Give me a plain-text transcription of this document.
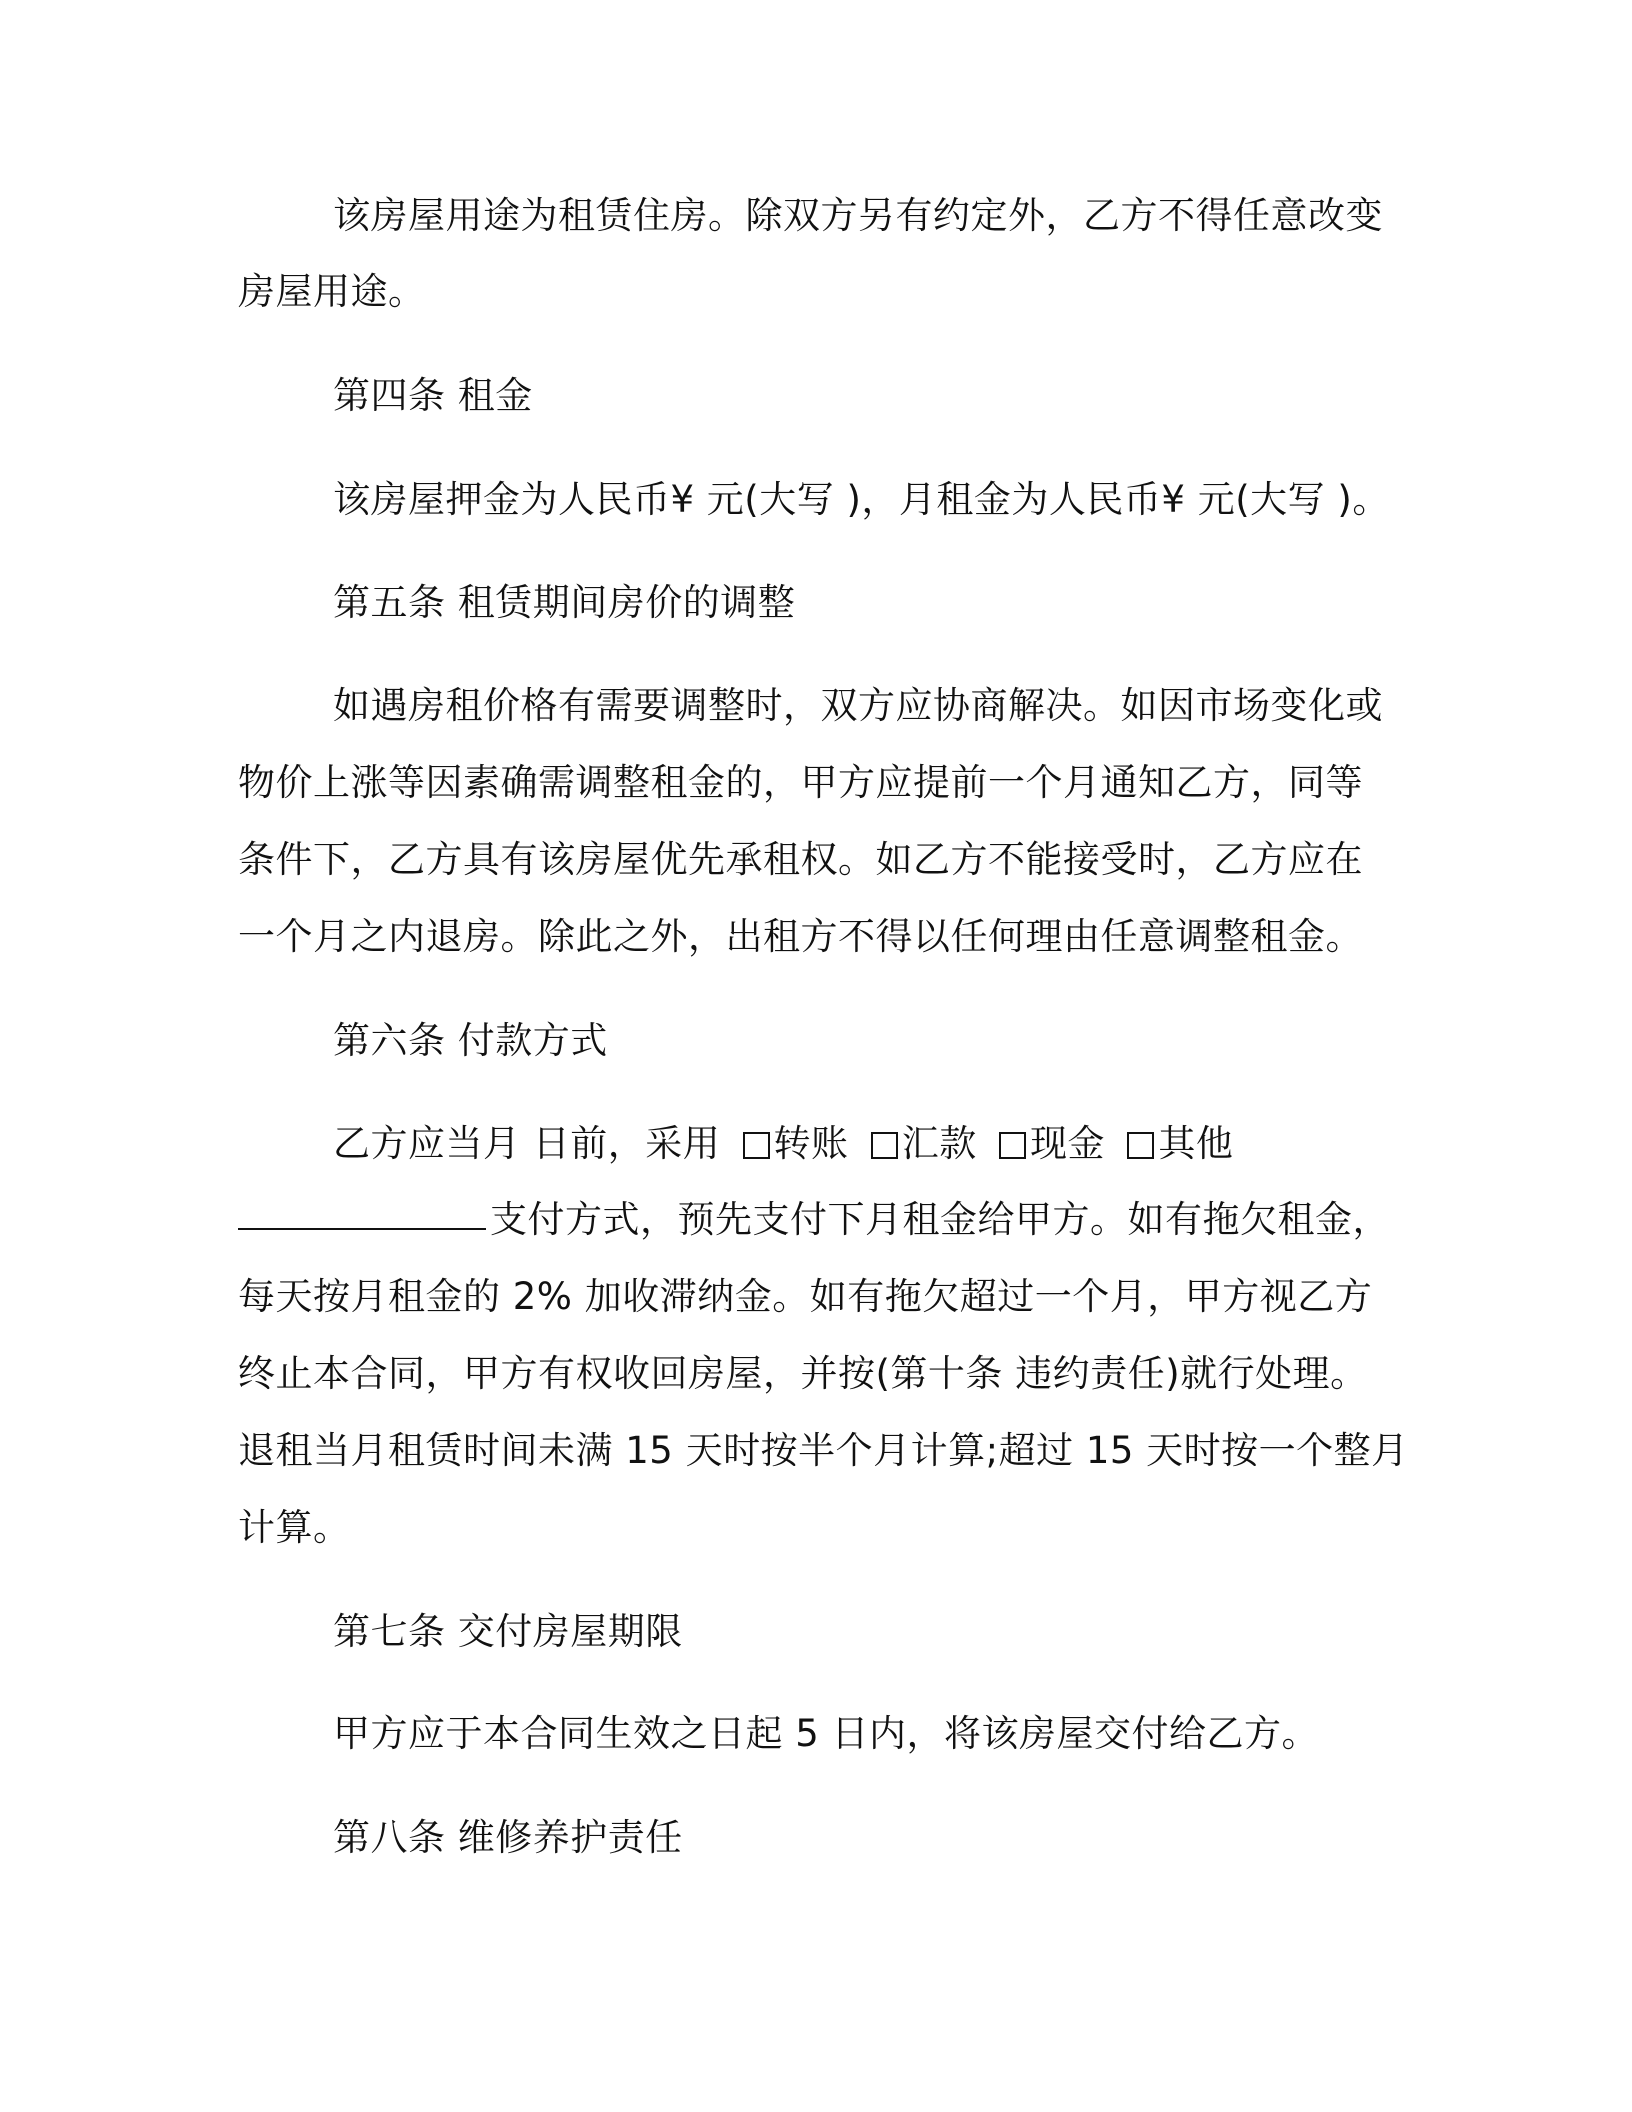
该房屋用途为租赁住房。除双方另有约定外，乙方不得任意改变
房屋用途。
第四条 租金
该房屋押金为人民币¥ 元(大写 )，月租金为人民币¥ 元(大写 )。
第五条 租赁期间房价的调整
如遇房租价格有需要调整时，双方应协商解决。如因市场变化或
物价上涨等因素确需调整租金的，甲方应提前一个月通知乙方，同等
条件下，乙方具有该房屋优先承租权。如乙方不能接受时，乙方应在
一个月之内退房。除此之外，出租方不得以任何理由任意调整租金。
第六条 付款方式
乙方应当月 日前，采用 转账 汇款 现金 其他
支付方式，预先支付下月租金给甲方。如有拖欠租金，
每天按月租金的 2% 加收滞纳金。如有拖欠超过一个月，甲方视乙方
终止本合同，甲方有权收回房屋，并按(第十条 违约责任)就行处理。
退租当月租赁时间未满 15 天时按半个月计算;超过 15 天时按一个整月
计算。
第七条 交付房屋期限
甲方应于本合同生效之日起 5 日内，将该房屋交付给乙方。
第八条 维修养护责任
